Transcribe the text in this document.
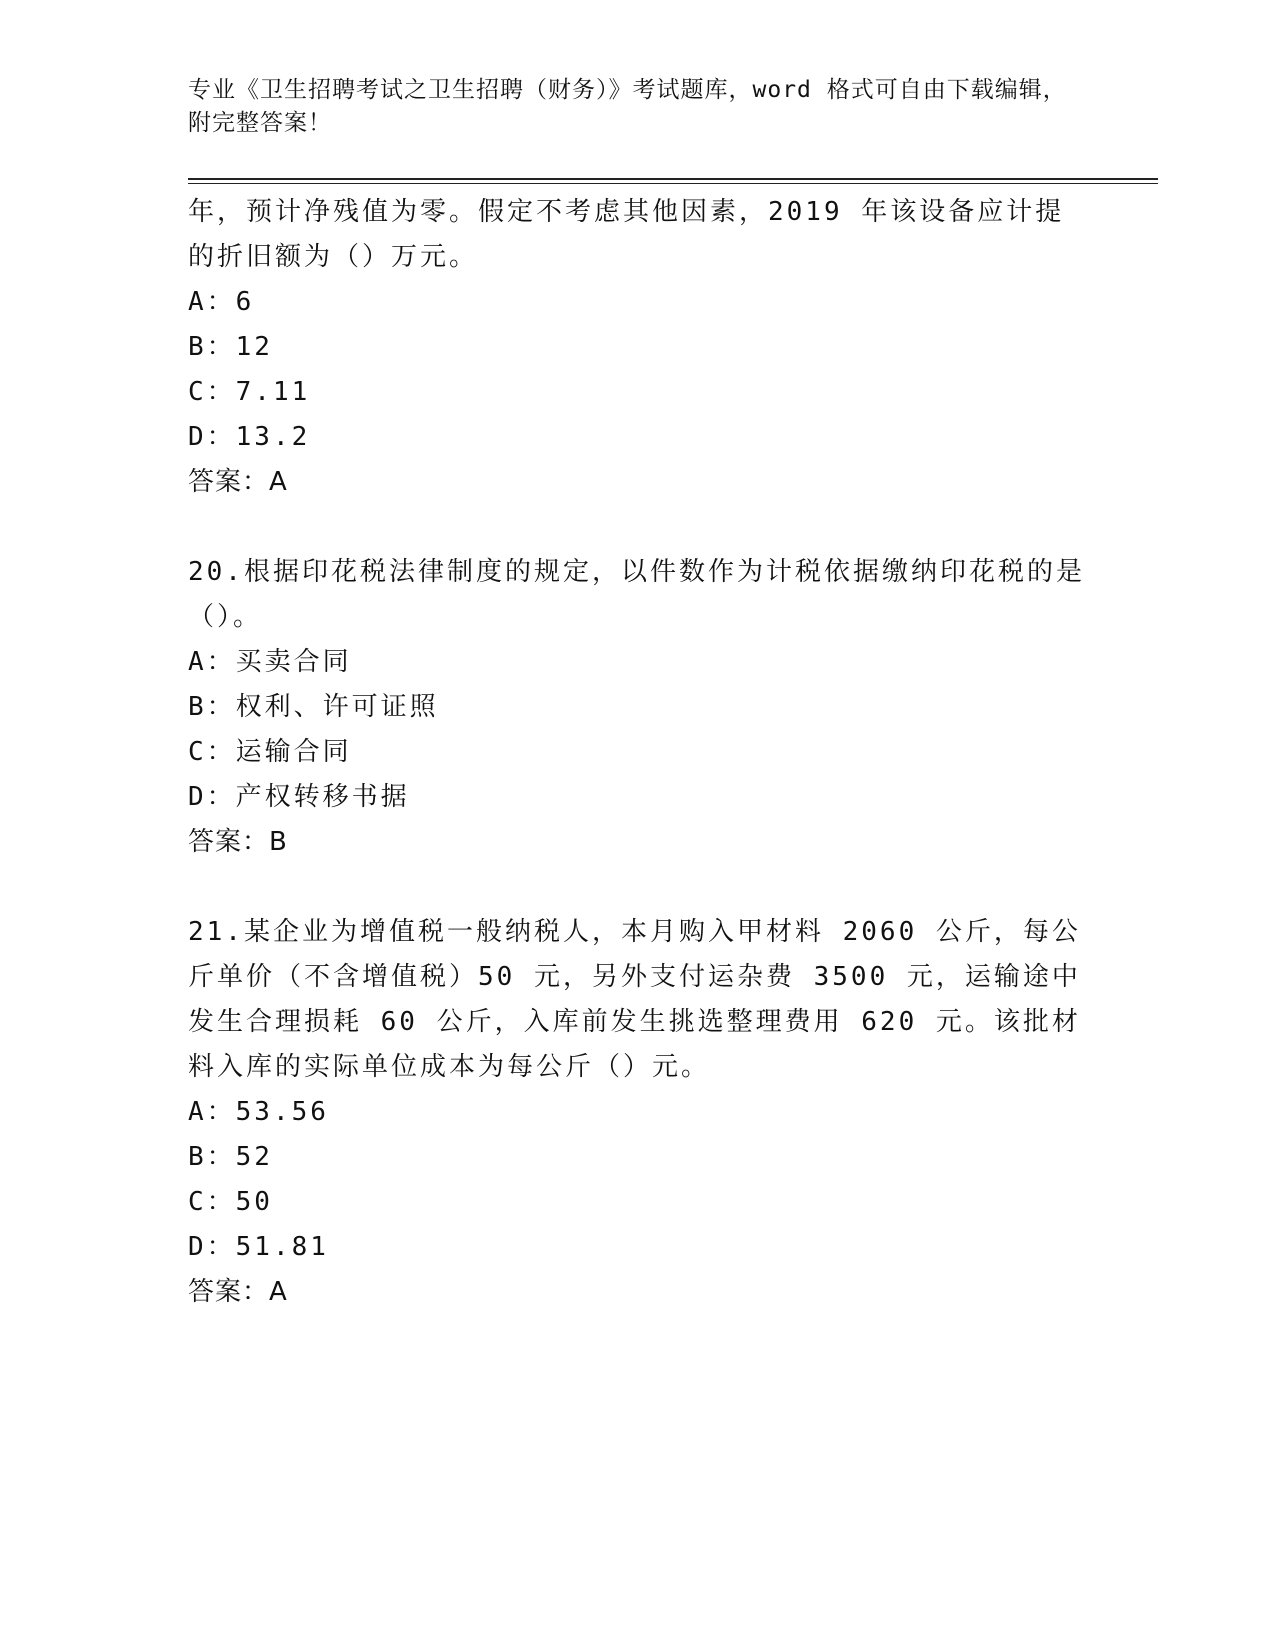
专业《卫生招聘考试之卫生招聘（财务）》考试题库，word 格式可自由下载编辑，附完整答案！
年，预计净残值为零。假定不考虑其他因素，2019 年该设备应计提的折旧额为（）万元。
A：6
B：12
C：7.11
D：13.2
答案：A
20.根据印花税法律制度的规定，以件数作为计税依据缴纳印花税的是（）。
A：买卖合同
B：权利、许可证照
C：运输合同
D：产权转移书据
答案：B
21.某企业为增值税一般纳税人，本月购入甲材料 2060 公斤，每公斤单价（不含增值税）50 元，另外支付运杂费 3500 元，运输途中发生合理损耗 60 公斤，入库前发生挑选整理费用 620 元。该批材料入库的实际单位成本为每公斤（）元。
A：53.56
B：52
C：50
D：51.81
答案：A
